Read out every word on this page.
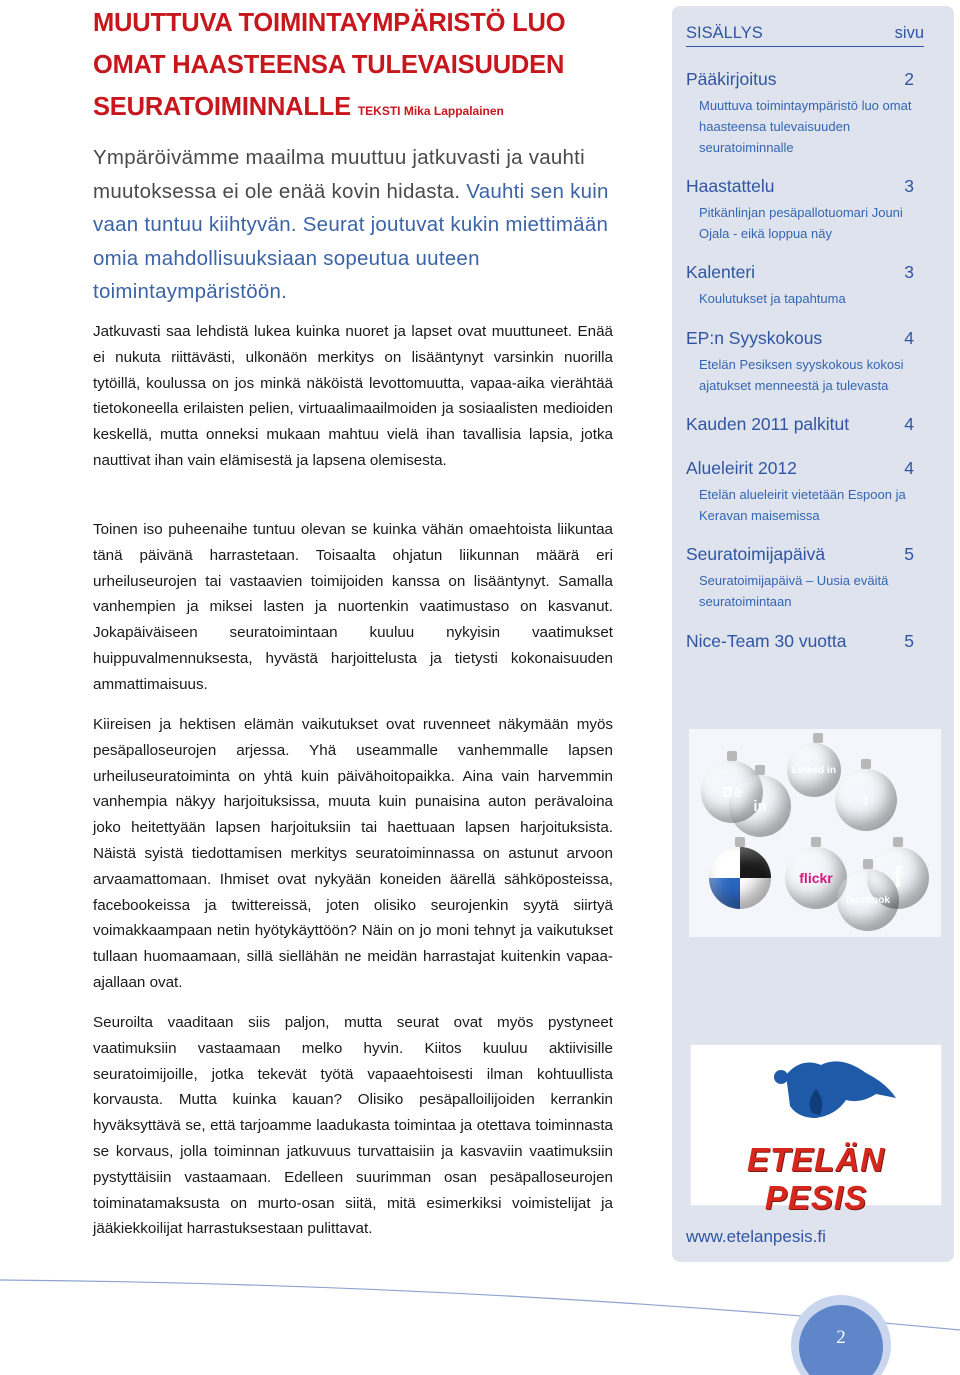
MUUTTUVA TOIMINTAYMPÄRISTÖ LUO OMAT HAASTEENSA TULEVAISUUDEN SEURATOIMINNALLE TEKSTI Mika Lappalainen
Ympäröivämme maailma muuttuu jatkuvasti ja vauhti muutoksessa ei ole enää kovin hidasta. Vauhti sen kuin vaan tuntuu kiihtyvän. Seurat joutuvat kukin miettimään omia mahdollisuuksiaan sopeutua uuteen toimintaympäristöön.
Jatkuvasti saa lehdistä lukea kuinka nuoret ja lapset ovat muuttuneet. Enää ei nukuta riittävästi, ulkonäön merkitys on lisääntynyt varsinkin nuorilla tytöillä, koulussa on jos minkä näköistä levottomuutta, vapaa-aika vierähtää tietokoneella erilaisten pelien, virtuaalimaailmoiden ja sosiaalisten medioiden keskellä, mutta onneksi mukaan mahtuu vielä ihan tavallisia lapsia, jotka nauttivat ihan vain elämisestä ja lapsena olemisesta.
Toinen iso puheenaihe tuntuu olevan se kuinka vähän omaehtoista liikuntaa tänä päivänä harrastetaan. Toisaalta ohjatun liikunnan määrä eri urheiluseurojen tai vastaavien toimijoiden kanssa on lisääntynyt. Samalla vanhempien ja miksei lasten ja nuortenkin vaatimustaso on kasvanut. Jokapäiväiseen seuratoimintaan kuuluu nykyisin vaatimukset huippuvalmennuksesta, hyvästä harjoittelusta ja tietysti kokonaisuuden ammattimaisuus.
Kiireisen ja hektisen elämän vaikutukset ovat ruvenneet näkymään myös pesäpalloseurojen arjessa. Yhä useammalle vanhemmalle lapsen urheiluseuratoiminta on yhtä kuin päivähoitopaikka. Aina vain harvemmin vanhempia näkyy harjoituksissa, muuta kuin punaisina auton perävaloina joko heitettyään lapsen harjoituksiin tai haettuaan lapsen harjoituksista. Näistä syistä tiedottamisen merkitys seuratoiminnassa on astunut arvoon arvaamattomaan. Ihmiset ovat nykyään koneiden äärellä sähköposteissa, facebookeissa ja twittereissä, joten olisiko seurojenkin syytä siirtyä voimakkaampaan netin hyötykäyttöön? Näin on jo moni tehnyt ja vaikutukset tullaan huomaamaan, sillä siellähän ne meidän harrastajat kuitenkin vapaa-ajallaan ovat.
Seuroilta vaaditaan siis paljon, mutta seurat ovat myös pystyneet vaatimuksiin vastaamaan melko hyvin. Kiitos kuuluu aktiivisille seuratoimijoille, jotka tekevät työtä vapaaehtoisesti ilman kohtuullista korvausta. Mutta kuinka kauan? Olisiko pesäpalloilijoiden kerrankin hyväksyttävä se, että tarjoamme laadukasta toimintaa ja otettava toiminnasta se korvaus, jolla toiminnan jatkuvuus turvattaisiin ja kasvaviin vaatimuksiin pystyttäisiin vastaamaan. Edelleen suurimman osan pesäpalloseurojen toiminatamaksusta on murto-osan siitä, mitä esimerkiksi voimistelijat ja jääkiekkoilijat harrastuksestaan pulittavat.
SISÄLLYS	sivu
Pääkirjoitus	2
Muuttuva toimintaympäristö luo omat haasteensa tulevaisuuden seuratoiminnalle
Haastattelu	3
Pitkänlinjan pesäpallotuomari Jouni Ojala - eikä loppua näy
Kalenteri	3
Koulutukset ja tapahtuma
EP:n Syyskokous	4
Etelän Pesiksen syyskokous kokosi ajatukset menneestä ja tulevasta
Kauden 2011 palkitut	4
Alueleirit 2012	4
Etelän alueleirit vietetään Espoon ja Keravan maisemissa
Seuratoimijapäivä	5
Seuratoimijapäivä – Uusia eväitä seuratoimintaan
Nice-Team 30 vuotta	5
Bē
Linked in
in	t
flickr f
facebook
ETELÄN PESIS
www.etelanpesis.fi
2
